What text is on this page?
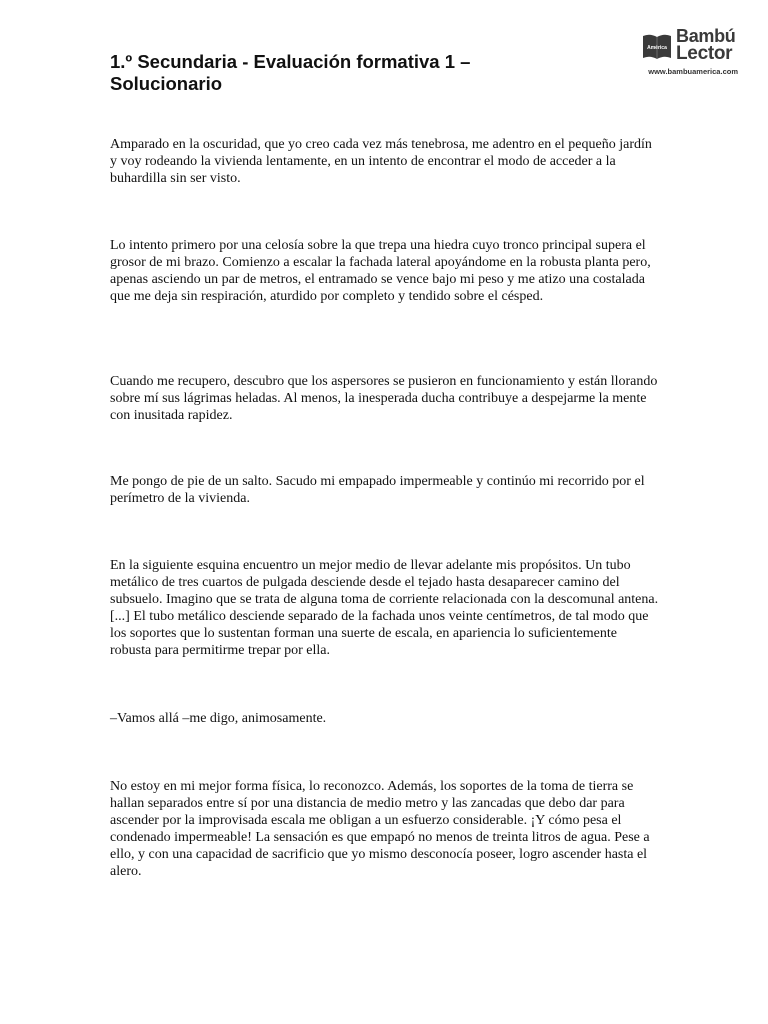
1.º Secundaria - Evaluación formativa 1 – Solucionario
América
Bambú
Lector
www.bambuamerica.com

Amparado en la oscuridad, que yo creo cada vez más tenebrosa, me adentro en el pequeño jardín y voy rodeando la vivienda lentamente, en un intento de encontrar el modo de acceder a la buhardilla sin ser visto.

Lo intento primero por una celosía sobre la que trepa una hiedra cuyo tronco principal supera el grosor de mi brazo. Comienzo a escalar la fachada lateral apoyándome en la robusta planta pero, apenas asciendo un par de metros, el entramado se vence bajo mi peso y me atizo una costalada que me deja sin respiración, aturdido por completo y tendido sobre el césped.

Cuando me recupero, descubro que los aspersores se pusieron en funcionamiento y están llorando sobre mí sus lágrimas heladas. Al menos, la inesperada ducha contribuye a despejarme la mente con inusitada rapidez.

Me pongo de pie de un salto. Sacudo mi empapado impermeable y continúo mi recorrido por el perímetro de la vivienda.

En la siguiente esquina encuentro un mejor medio de llevar adelante mis propósitos. Un tubo metálico de tres cuartos de pulgada desciende desde el tejado hasta desaparecer camino del subsuelo. Imagino que se trata de alguna toma de corriente relacionada con la descomunal antena. [...] El tubo metálico desciende separado de la fachada unos veinte centímetros, de tal modo que los soportes que lo sustentan forman una suerte de escala, en apariencia lo suficientemente robusta para permitirme trepar por ella.

–Vamos allá –me digo, animosamente.

No estoy en mi mejor forma física, lo reconozco. Además, los soportes de la toma de tierra se hallan separados entre sí por una distancia de medio metro y las zancadas que debo dar para ascender por la improvisada escala me obligan a un esfuerzo considerable. ¡Y cómo pesa el condenado impermeable! La sensación es que empapó no menos de treinta litros de agua. Pese a ello, y con una capacidad de sacrificio que yo mismo desconocía poseer, logro ascender hasta el alero.
